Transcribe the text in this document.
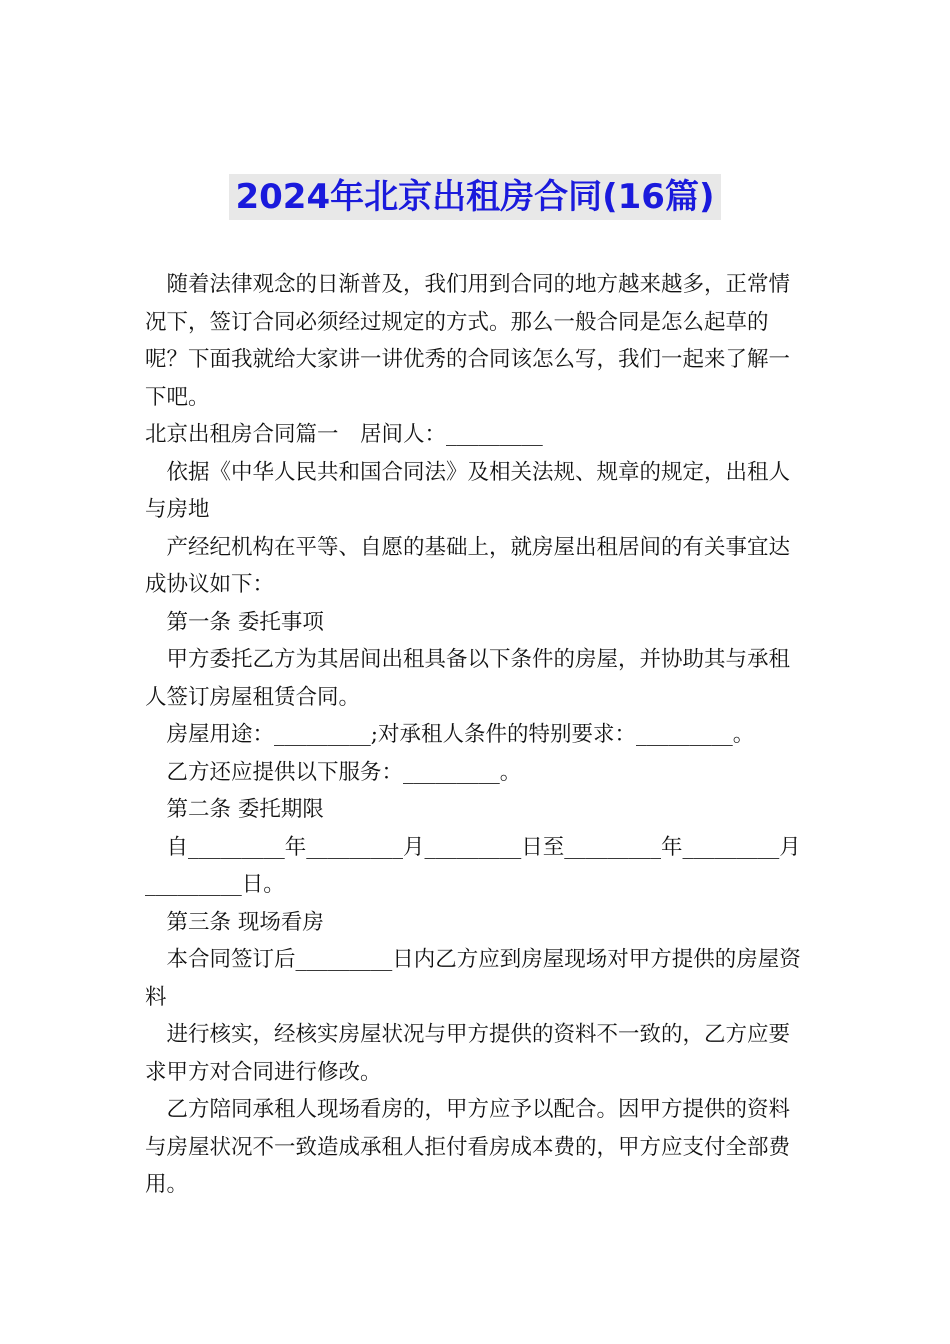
2024年北京出租房合同(16篇)

随着法律观念的日渐普及，我们用到合同的地方越来越多，正常情况下，签订合同必须经过规定的方式。那么一般合同是怎么起草的呢？下面我就给大家讲一讲优秀的合同该怎么写，我们一起来了解一下吧。

北京出租房合同篇一　居间人：_________

依据《中华人民共和国合同法》及相关法规、规章的规定，出租人与房地

产经纪机构在平等、自愿的基础上，就房屋出租居间的有关事宜达成协议如下：

第一条 委托事项

甲方委托乙方为其居间出租具备以下条件的房屋，并协助其与承租人签订房屋租赁合同。

房屋用途：_________;对承租人条件的特别要求：_________。

乙方还应提供以下服务：_________。

第二条 委托期限

自_________年_________月_________日至_________年_________月_________日。

第三条 现场看房

本合同签订后_________日内乙方应到房屋现场对甲方提供的房屋资料

进行核实，经核实房屋状况与甲方提供的资料不一致的，乙方应要求甲方对合同进行修改。

乙方陪同承租人现场看房的，甲方应予以配合。因甲方提供的资料与房屋状况不一致造成承租人拒付看房成本费的，甲方应支付全部费用。
